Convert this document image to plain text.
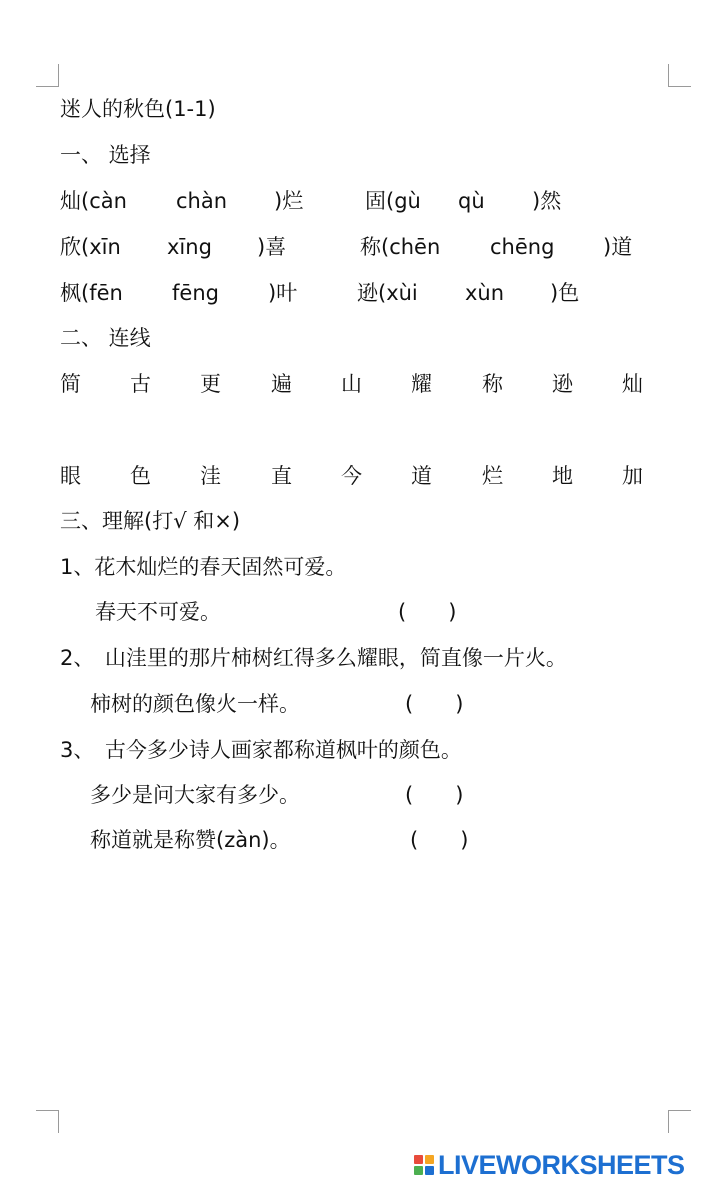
迷人的秋色(1-1)
一、 选择
灿(càn chàn )烂	固(gù qù )然
欣(xīn xīng )喜	称(chēn chēng )道
枫(fēn fēng )叶	逊(xùi xùn )色
二、 连线
简 古 更 遍 山 耀 称 逊 灿
眼 色 洼 直 今 道 烂 地 加
三、理解(打√ 和×)
1、花木灿烂的春天固然可爱。
春天不可爱。	(　　)
2、　山洼里的那片柿树红得多么耀眼，简直像一片火。
柿树的颜色像火一样。	(　　)
3、　古今多少诗人画家都称道枫叶的颜色。
多少是问大家有多少。	(　　)
称道就是称赞(zàn)。	(　　)
LIVEWORKSHEETS
